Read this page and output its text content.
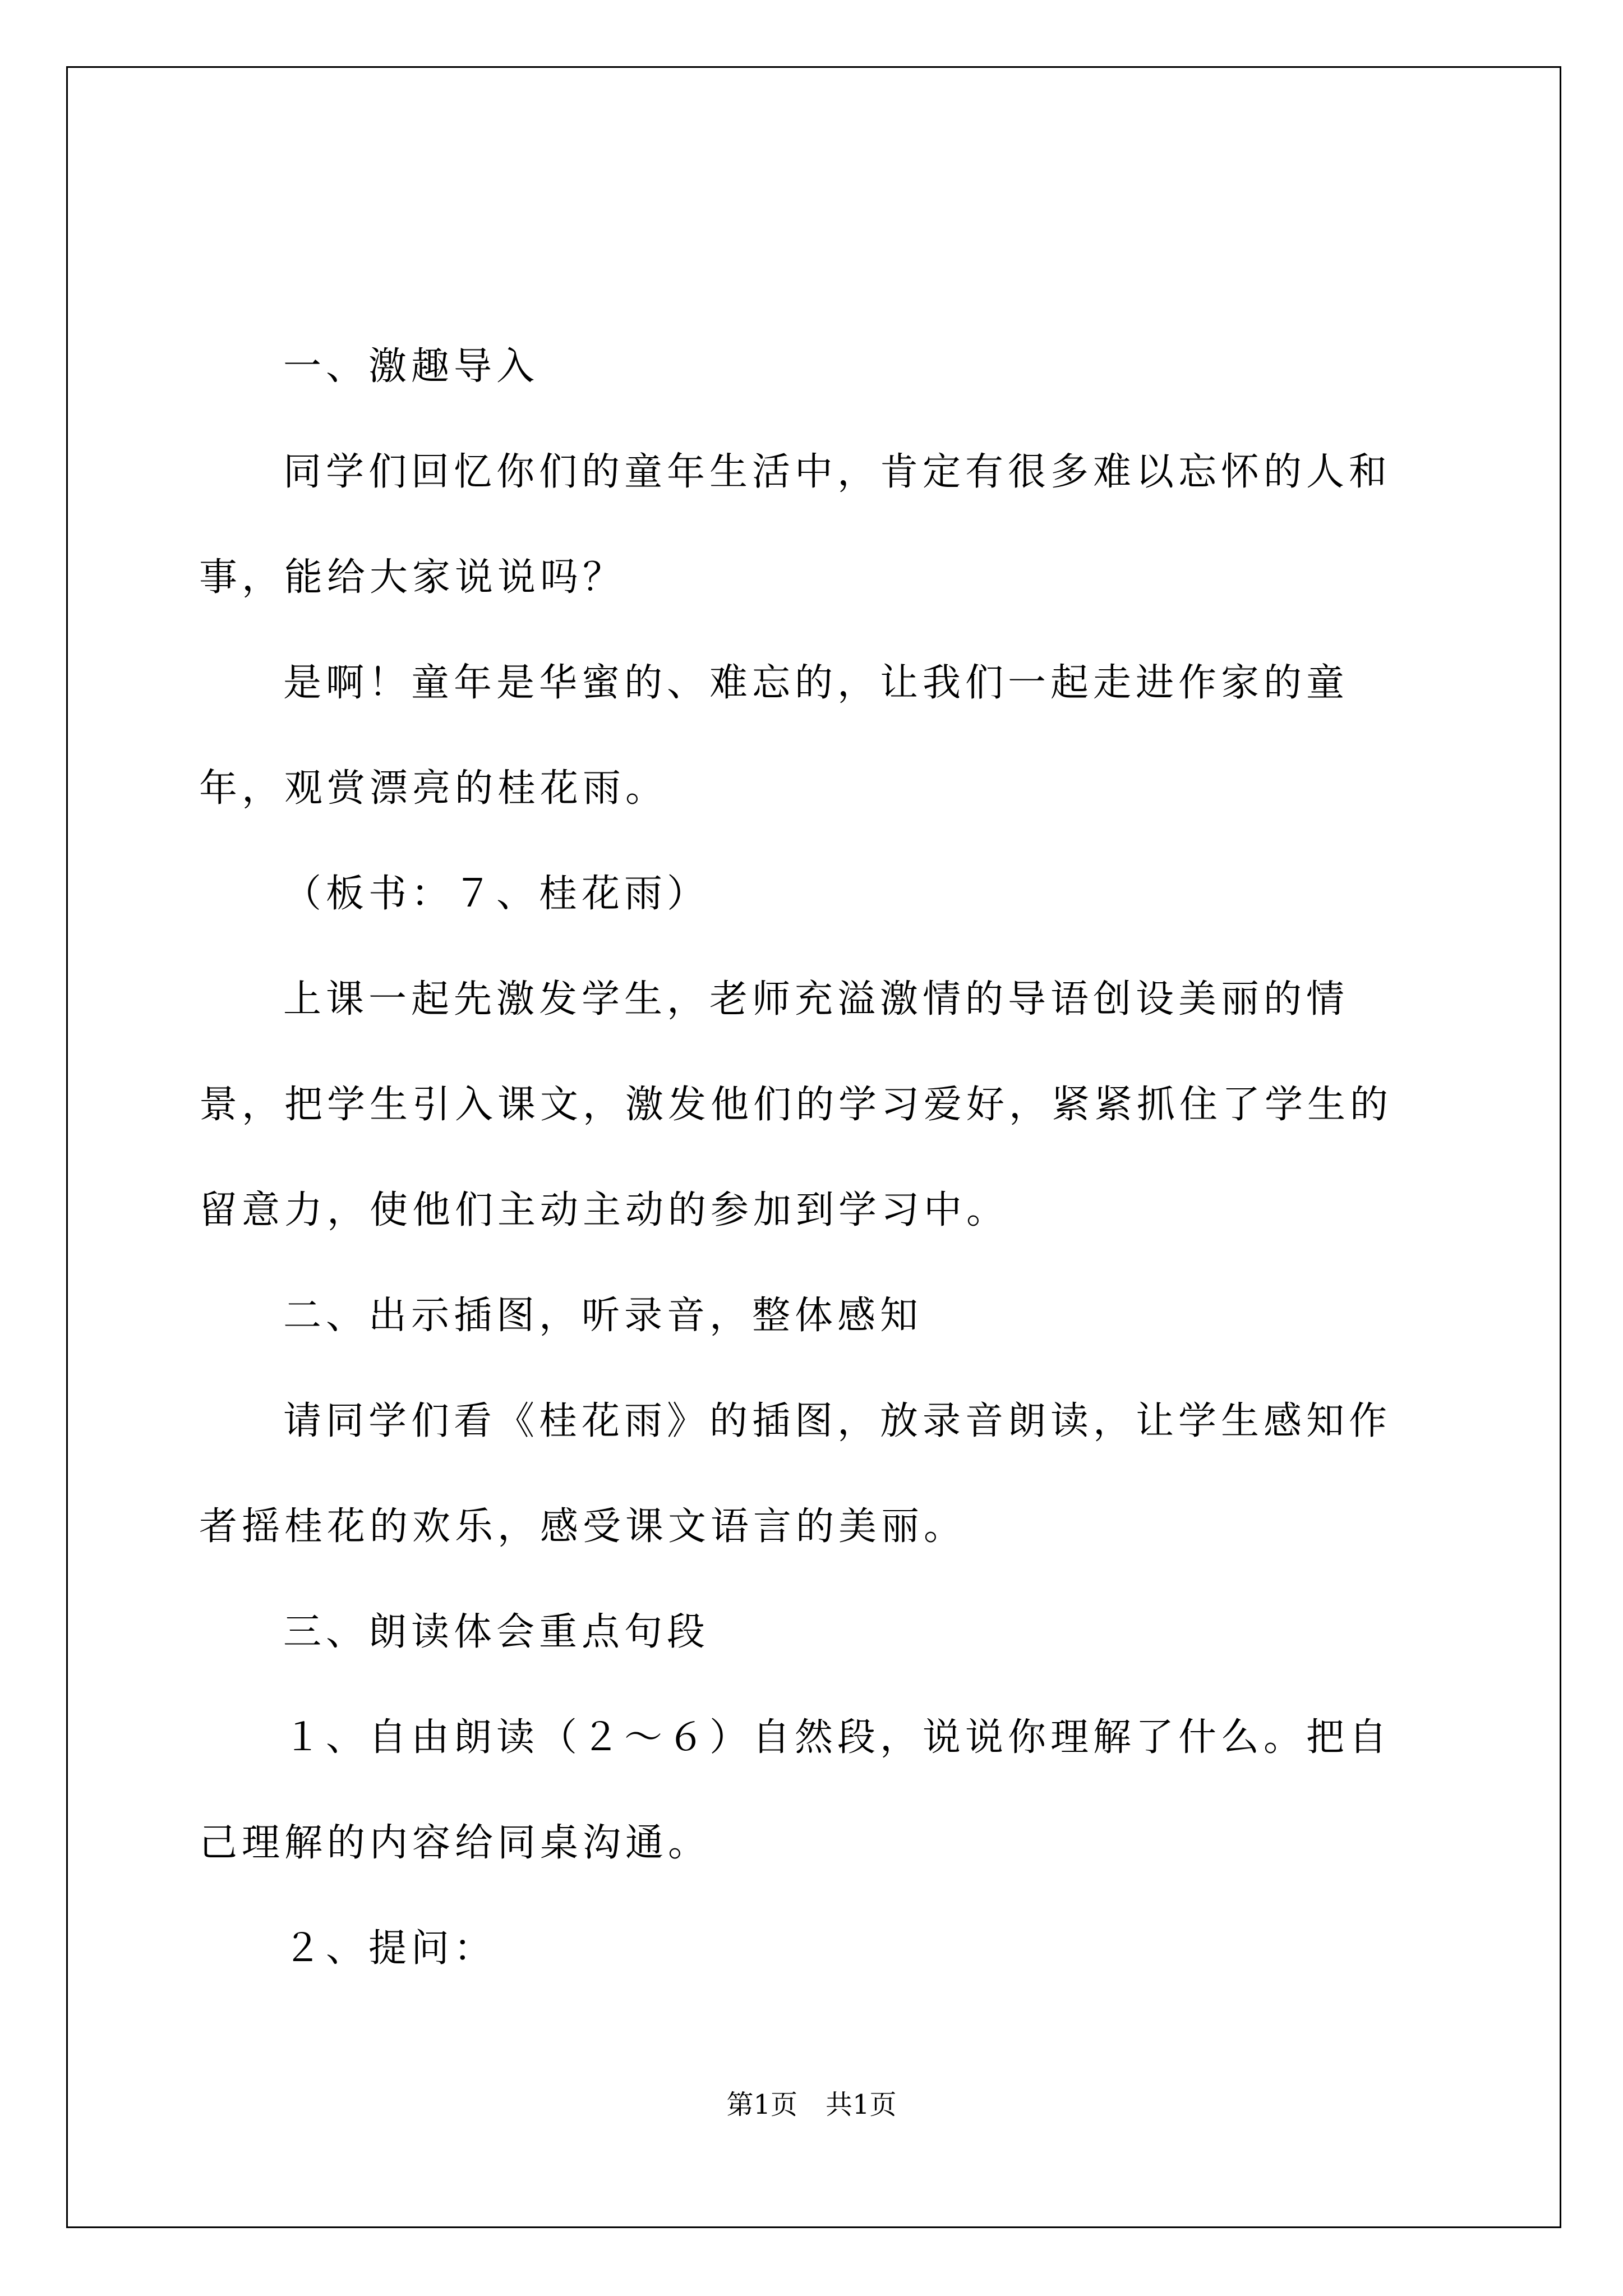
一、激趣导入

同学们回忆你们的童年生活中，肯定有很多难以忘怀的人和事，能给大家说说吗？

是啊！童年是华蜜的、难忘的，让我们一起走进作家的童年，观赏漂亮的桂花雨。

（板书：７、桂花雨）

上课一起先激发学生，老师充溢激情的导语创设美丽的情景，把学生引入课文，激发他们的学习爱好，紧紧抓住了学生的留意力，使他们主动主动的参加到学习中。

二、出示插图，听录音，整体感知

请同学们看《桂花雨》的插图，放录音朗读，让学生感知作者摇桂花的欢乐，感受课文语言的美丽。

三、朗读体会重点句段

１、自由朗读（２～６）自然段，说说你理解了什么。把自己理解的内容给同桌沟通。

２、提问：

第1页 共1页
